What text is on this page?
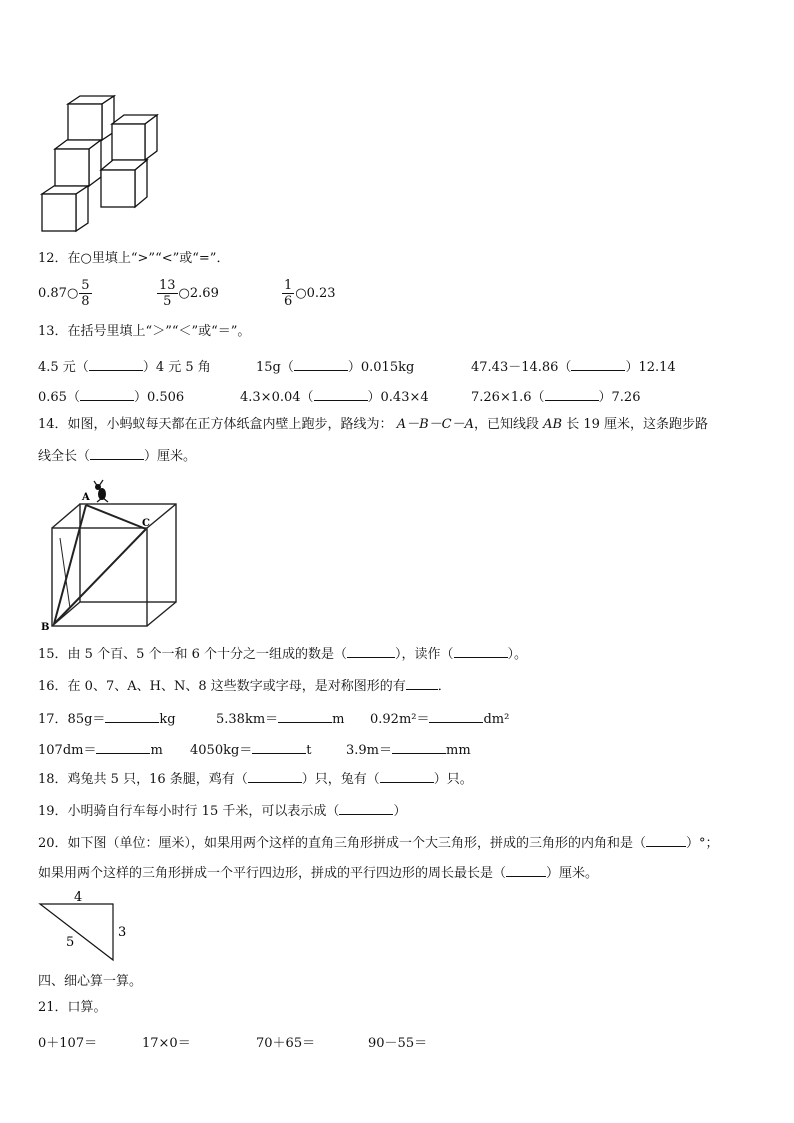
12．在○里填上“>”“<”或“=”．
0.87○ $\frac{5}{8}$	$\frac{13}{5}$ ○2.69	$\frac{1}{6}$ ○0.23
13．在括号里填上“＞”“＜”或“＝”。
4.5 元（	）4 元 5 角	15g（	）0.015kg	47.43－14.86（	）12.14
0.65（	）0.506	4.3×0.04（	）0.43×4	7.26×1.6（	）7.26
14．如图，小蚂蚁每天都在正方体纸盒内壁上跑步，路线为： A－B－C－A，已知线段 AB 长 19 厘米，这条跑步路
线全长（	）厘米。
A
B
C
15．由 5 个百、5 个一和 6 个十分之一组成的数是（	），读作（	）。
16．在 0、7、A、H、N、8 这些数字或字母，是对称图形的有 ．
17．85g＝	kg	5.38km＝	m 0.92m²＝	dm²
107dm＝	m 4050kg＝	t	3.9m＝	mm
18．鸡兔共 5 只，16 条腿，鸡有（	）只，兔有（	）只。
19．小明骑自行车每小时行 15 千米，可以表示成（	）
20．如下图（单位：厘米），如果用两个这样的直角三角形拼成一个大三角形，拼成的三角形的内角和是（	）°；
如果用两个这样的三角形拼成一个平行四边形，拼成的平行四边形的周长最长是（	）厘米。
4
3
5
四、细心算一算。
21．口算。
0＋107＝	17×0＝	70＋65＝	90－55＝
